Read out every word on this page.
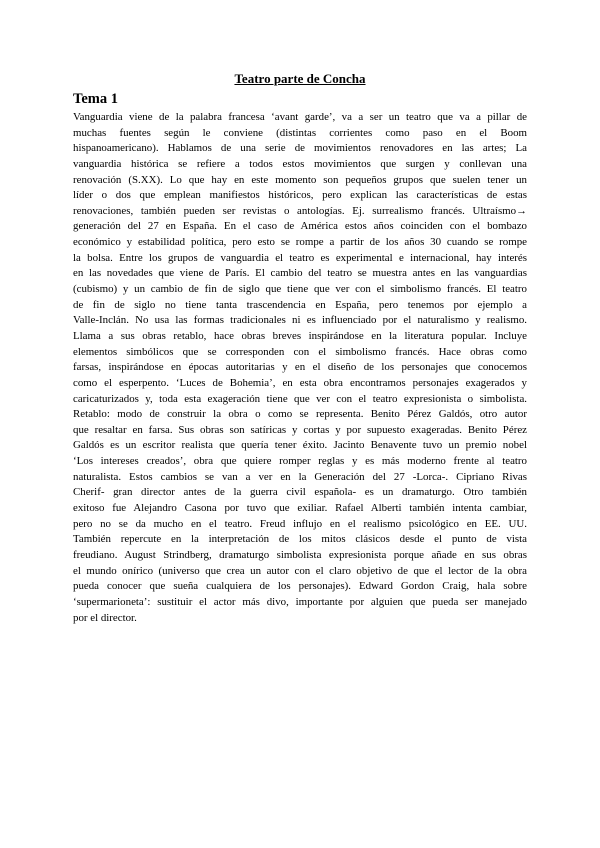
Teatro parte de Concha
Tema 1
Vanguardia viene de la palabra francesa ‘avant garde’, va a ser un teatro que va a pillar de
muchas fuentes según le conviene (distintas corrientes como paso en el Boom
hispanoamericano). Hablamos de una serie de movimientos renovadores en las artes; La
vanguardia histórica se refiere a todos estos movimientos que surgen y conllevan una
renovación (S.XX). Lo que hay en este momento son pequeños grupos que suelen tener un
líder o dos que emplean manifiestos históricos, pero explican las características de estas
renovaciones, también pueden ser revistas o antologías. Ej. surrealismo francés. Ultraísmo→
generación del 27 en España. En el caso de América estos años coinciden con el bombazo
económico y estabilidad política, pero esto se rompe a partir de los años 30 cuando se rompe
la bolsa. Entre los grupos de vanguardia el teatro es experimental e internacional, hay interés
en las novedades que viene de París. El cambio del teatro se muestra antes en las vanguardias
(cubismo) y un cambio de fin de siglo que tiene que ver con el simbolismo francés. El teatro
de fin de siglo no tiene tanta trascendencia en España, pero tenemos por ejemplo a
Valle-Inclán. No usa las formas tradicionales ni es influenciado por el naturalismo y realismo.
Llama a sus obras retablo, hace obras breves inspirándose en la literatura popular. Incluye
elementos simbólicos que se corresponden con el simbolismo francés. Hace obras como
farsas, inspirándose en épocas autoritarias y en el diseño de los personajes que conocemos
como el esperpento. ‘Luces de Bohemia’, en esta obra encontramos personajes exagerados y
caricaturizados y, toda esta exageración tiene que ver con el teatro expresionista o simbolista.
Retablo: modo de construir la obra o como se representa. Benito Pérez Galdós, otro autor
que resaltar en farsa. Sus obras son satíricas y cortas y por supuesto exageradas. Benito Pérez
Galdós es un escritor realista que quería tener éxito. Jacinto Benavente tuvo un premio nobel
‘Los intereses creados’, obra que quiere romper reglas y es más moderno frente al teatro
naturalista. Estos cambios se van a ver en la Generación del 27 -Lorca-. Cipriano Rivas
Cherif- gran director antes de la guerra civil española- es un dramaturgo. Otro también
exitoso fue Alejandro Casona por tuvo que exiliar. Rafael Alberti también intenta cambiar,
pero no se da mucho en el teatro. Freud influjo en el realismo psicológico en EE. UU.
También repercute en la interpretación de los mitos clásicos desde el punto de vista
freudiano. August Strindberg, dramaturgo simbolista expresionista porque añade en sus obras
el mundo onírico (universo que crea un autor con el claro objetivo de que el lector de la obra
pueda conocer que sueña cualquiera de los personajes). Edward Gordon Craig, hala sobre
‘supermarioneta’: sustituir el actor más divo, importante por alguien que pueda ser manejado
por el director.
